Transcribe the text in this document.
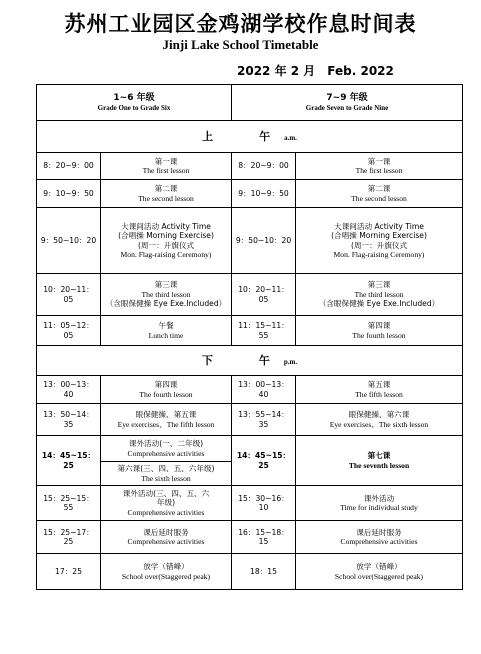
苏州工业园区金鸡湖学校作息时间表
Jinji Lake School Timetable
2022 年 2 月 Feb. 2022
1~6 年级
Grade One to Grade Six		7~9 年级
Grade Seven to Grade Nine	

上 午 a.m.			
8：20~9：00	第一课
The first lesson	8：20~9：00	第一课
The first lesson

9：10~9：50	第二课
The second lesson	9：10~9：50	第二课
The second lesson

9：50~10：20	大课间活动 Activity Time
(合唱操 Morning Exercise)
(周一：升旗仪式
Mon. Flag-raising Ceremony)	9：50~10：20	大课间活动 Activity Time
(合唱操 Morning Exercise)
(周一：升旗仪式
Mon. Flag-raising Ceremony)

10：20~11：05	第三课
The third lesson
（含眼保健操 Eye Exe.Included）	10：20~11：05	第三课
The third lesson
（含眼保健操 Eye Exe.Included）

11：05~12：05	午餐
Lunch time	11：15~11：55	第四课
The fourth lesson

下 午 p.m.			
13：00~13：40	第四课
The fourth lesson	13：00~13：40	第五课
The fifth lesson

13：50~14：35	眼保健操、第五课
Eye exercises、The fifth lesson	13：55~14：35	眼保健操、第六课
Eye exercises、The sixth lesson

14：45~15：25	课外活动(一、二年级)
Comprehensive activities	14：45~15：25	第七课
The seventh lesson

	第六课(三、四、五、六年级)
The sixth lesson		

15：25~15：55	课外活动(三、四、五、六
年级)
Comprehensive activities	15：30~16：10	课外活动
Time for individual study

15：25~17：25	课后延时服务
Comprehensive activities	16：15~18：15	课后延时服务
Comprehensive activities

17：25	放学（错峰）
School over(Staggered peak)	18：15	放学（错峰）
School over(Staggered peak)
